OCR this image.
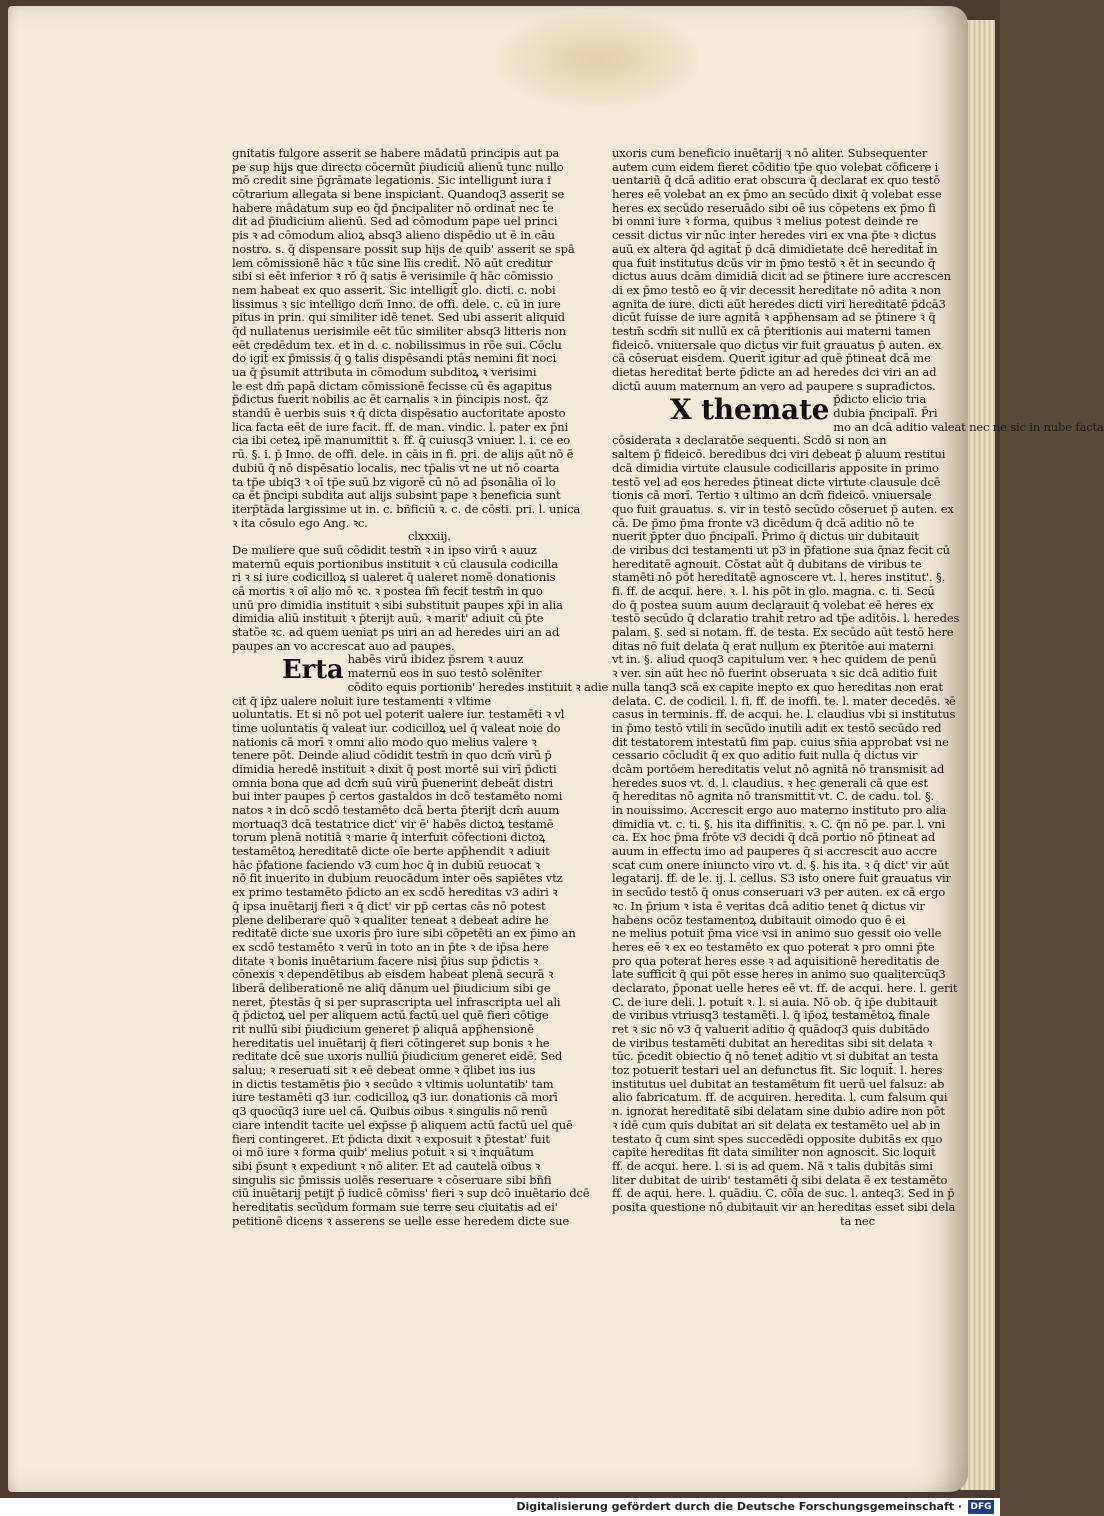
gnitatis fulgore asserit se habere mādatū principis aut pa
pe sup hijs que directo cōcernūt p̄iudiciū alienū tunc nullo
mō credit̄ sine p̄grāmate legationis. Sic intelligunt̄ iura i
cōtrarium allegata si bene inspiciant̄. Quandoq3 asserit se
habere mādatum sup eo q̄d p̄ncipaliter nō ordinat̄ nec t̄e
dit ad p̄iudicium alienū. Sed ad cōmodum pape uel princi
pis ꝛ ad cōmodum alioꝝ absq3 alieno dispēdio ut ē in cāu
nostro. s. q̄ dispensare possit sup hijs de quib' asserit se spā
lem cōmissionē hāc ꝛ tūc sine līis credit̄. Nō aūt creditur
sibi si eēt inferior ꝛ rō q̄ satis ē verisimile q̄ hāc cōmissio
nem habeat ex quo asserit. Sic intelligit̄ glo. dicti. c. nobi
lissimus ꝛ sic intelligo dcm̄ Inno. de offi. dele. c. cū in iure
pitus in prin. qui similiter idē tenet. Sed ubi asserit aliquid
q̄d nullatenus uerisimile eēt tūc similiter absq3 litteris non
eēt credēdum tex. et in d. c. nobilissimus in rōe sui. Cōclu
do igit̄ ex p̄missis q̄ ꝯ talis dispēsandi ptās nemini fit noci
ua q̄ p̄sumit attributa in cōmodum subditoꝝ ꝛ verisimi
le est dm̄ papā dictam cōmissionē fecisse cū ēs agapitus
p̄dictus fuerit nobilis ac ēt carnalis ꝛ in p̄incipis nost. q̄z
standū ē uerbis suis ꝛ q̄ dicta dispēsatio auctoritate aposto
lica facta eēt de iure facit. ff. de man. vindic. l. pater ex p̄ni
cia ibi ceteꝝ ipē manumittit ꝛ. ff. q̄ cuiusq3 vniuer. l. i. ce eo
rū. §. i. p̄ Inno. de offi. dele. in cāis in fi. pri. de alijs aūt nō ē
dubiū q̄ nō dispēsatio localis, nec tp̄alis vt̄ ne ut nō coarta
ta tp̄e ubiq3 ꝛ oī tp̄e suū bz vigorē cū nō ad p̄sonālia oī lo
ca ēt p̄ncipi subdita aut alijs subsint pape ꝛ beneficia sunt
iterp̄tāda largissime ut in. c. bñficiū ꝛ. c. de cōsti. pri. l. unica
ꝛ ita cōsulo ego Ang. ꝛc.
clxxxiij.
De muliere que suū cōdidit testm̄ ꝛ in ipso virū ꝛ auuz
maternū equis portionibus instituit ꝛ cū clausula codicilla
ri ꝛ si iure codicilloꝝ si ualeret q̄ ualeret nomē donationis
cā mortis ꝛ oī alio mō ꝛc. ꝛ postea fm̄ fecit testm̄ in quo
unū pro dimidia instituit ꝛ sibi substituit paupes xp̄i in alia
dimidia aliū instituit ꝛ p̄terijt auū, ꝛ marit' adiuit cū p̄te
statōe ꝛc. ad quem ueniat ps uiri an ad heredes uiri an ad
paupes an vo accrescat auo ad paupes.
Erta habēs virū ibidez p̄srem ꝛ auuz
maternū eos in suo testō solēniter
cōdito equis portionib' heredes instituit ꝛ adie
cit q̄ ip̄z ualere noluit iure testamenti ꝛ vltime
uoluntatis. Et si nō pot uel poterit ualere iur. testamēti ꝛ vl
time uoluntatis q̄ valeat iur. codicilloꝝ uel q̄ valeat noie do
nationis cā morī ꝛ omni alio modo quo melius valere ꝛ
tenere pōt. Deinde aliud cōdidit testm̄ in quo dcm̄ virū p̄
dimidia heredē instituit ꝛ dixit q̄ post mortē sui virī p̄dicti
omnia bona que ad dcm̄ suū virū p̄uenerint debeāt distri
bui inter paupes p̄ certos gastaldos in dcō testamēto nomi
natos ꝛ in dcō scdō testamēto dcā berta p̄terijt dcm̄ auum
mortuaq3 dcā testatrice dict' vir ē' habēs dictoꝝ testamē
torum plenā notitiā ꝛ marie q̄ interfuit cōfectioni dictoꝝ
testamētoꝝ hereditatē dicte oīe berte app̄hendit ꝛ adiuit
hāc p̄fatione faciendo v3 cum hoc q̄ in dubiū reuocat ꝛ
nō fit inuerito in dubium reuocādum inter oēs sapiētes vtz
ex primo testamēto p̄dicto an ex scdō hereditas v3 adiri ꝛ
q̄ ipsa inuētarij fieri ꝛ q̄ dict' vir pp̄ certas cās nō potest
plene deliberare quō ꝛ qualiter teneat ꝛ debeat adire he
reditatē dicte sue uxoris p̄ro iure sibi cōpetēti an ex p̄imo an
ex scdō testamēto ꝛ verū in toto an in p̄te ꝛ de ip̄sa here
ditate ꝛ bonis inuētarium facere nisi p̄ius sup p̄dictis ꝛ
cōnexis ꝛ dependētibus ab eisdem habeat plenā securā ꝛ
liberā deliberationē ne aliq̄ dānum uel p̄iudicium sibi ge
neret, p̄testās q̄ si per suprascripta uel infrascripta uel ali
q̄ p̄dictoꝝ uel per aliquem actū factū uel quē fieri cōtige
rit nullū sibi p̄iudicium generet p̄ aliquā app̄hensionē
hereditatis uel inuētarij q̄ fieri cōtingeret sup bonis ꝛ he
reditate dcē sue uxoris nulliū p̄iudicium generet eidē. Sed
saluu; ꝛ reseruati sit ꝛ eē debeat omne ꝛ q̄libet ius ius
in dictis testamētis p̄io ꝛ secūdo ꝛ vltimis uoluntatib' tam
iure testamēti q3 iur. codicilloꝝ q3 iur. donationis cā morī
q3 quocūq3 iure uel cā. Quibus oibus ꝛ singulis nō renū
ciare intendit tacite uel exp̄sse p̄ aliquem actū factū uel quē
fieri contingeret. Et p̄dicta dixit ꝛ exposuit ꝛ p̄testat' fuit
oi mō iure ꝛ forma quib' melius potuit ꝛ si ꝛ inquātum
sibi p̄sunt ꝛ expediunt ꝛ nō aliter. Et ad cautelā oibus ꝛ
singulis sic p̄missis uolēs reseruare ꝛ cōseruare sibi bñfi
ciū inuētarij petijt p̄ iudicē cōmiss' fieri ꝛ sup dcō inuētario dcē
hereditatis secūdum formam sue terre seu ciuitatis ad ei'
petitionē dicens ꝛ asserens se uelle esse heredem dicte sue
uxoris cum beneficio inuētarij ꝛ nō aliter. Subsequenter
autem cum eidem fieret cōditio tp̄e quo volebat cōficere i
uentariū q̄ dcā aditio erat obscura q̄ declarat ex quo testō
heres eē volebat an ex p̄mo an secūdo dixit q̄ volebat esse
heres ex secūdo reseruādo sibi oē ius cōpetens ex p̄mo fi
bi omni iure ꝛ forma, quibus ꝛ melius potest deinde re
cessit dictus vir nūc inter heredes viri ex vna p̄te ꝛ dictus
auū ex altera q̄d agitat̄ p̄ dcā dimidietate dcē hereditat̄ in
qua fuit institutus dcūs vir in p̄mo testō ꝛ ēt in secundo q̄
dictus auus dcām dimidiā dicit ad se p̄tinere iure accrescen
di ex p̄mo testō eo q̄ vir decessit hereditate nō adita ꝛ non
agnita de iure. dicti aūt heredes dicti viri hereditatē p̄dcā3
dicūt fuisse de iure agnitā ꝛ app̄hensam ad se p̄tinere ꝛ q̄
testm̄ scdm̄ sit nullū ex cā p̄teritionis aui materni tamen
fideicō. vniuersale quo dictus vir fuit grauatus p̄ auten. ex
cā cōseruat eisdem. Querit̄ igitur ad quē p̄tineat dcā me
dietas hereditat̄ berte p̄dicte an ad heredes dci viri an ad
dictū auum maternum an vero ad paupere s supradictos.
X themate p̄dicto elicio tria
dubia p̄ncipalī. P̄ri
mo an dcā aditio valeat nec ne sic in nube facta
cōsiderata ꝛ declaratōe sequenti. Scdō si non an
saltem p̄ fideicō. beredibus dci viri debeat p̄ aluum restitui
dcā dimidia virtute clausule codicillaris apposite in primo
testō vel ad eos heredes p̄tineat dicte virtute clausule dcē
tionis cā morī. Tertio ꝛ ultimo an dcm̄ fideicō. vniuersale
quo fuit grauatus. s. vir in testō secūdo cōseruet p̄ auten. ex
cā. De p̄mo p̄ma fronte v3 dicēdum q̄ dcā aditio nō te
nuerit p̄pter duo p̄ncipalī. P̄rimo q̄ dictus uir dubitauit
de viribus dci testamenti ut p3 in p̄fatione sua q̄naz fecit cū
hereditatē agnouit. Cōstat aūt q̄ dubitans de viribus te
stamēti nō pōt hereditatē agnoscere vt. l. heres institut'. §.
fi. ff. de acqui. here. ꝛ. l. his pōt in glo. magna. c. ti. Secū
do q̄ postea suum auum declarauit q̄ volebat eē heres ex
testō secūdo q̄ dclaratio trahit̄ retro ad tp̄e aditōis. l. heredes
palam. §. sed si notam. ff. de testa. Ex secūdo aūt testō here
ditas nō fuit delata q̄ erat nullum ex p̄teritōe aui materni
vt in. §. aliud quoq3 capitulum ver. ꝛ hec quidem de penū
ꝛ ver. sin aūt hec nō fuerint obseruata ꝛ sic dcā aditio fuit
nulla tanq3 scā ex capite inepto ex quo hereditas non erat
delata. C. de codicil. l. fi. ff. de inoffi. te. l. mater decedēs. ꝛē
casus in terminis. ff. de acqui. he. l. claudius vbi si institutus
in p̄mo testō vtili in secūdo inutili adit ex testō secūdo red
dit testatorem intestatū fim pap. cuius sn̄ia approbat vsi ne
cessario cōcludit q̄ ex quo aditio fuit nulla q̄ dictus vir
dcām portōem hereditatis velut nō agnitā nō transmisit ad
heredes suos vt. d. l. claudius. ꝛ hec generali cā que est
q̄ hereditas nō agnita nō transmittit̄ vt. C. de cadu. tol. §.
in nouissimo. Accrescit ergo auo materno instituto pro alia
dimidia vt. c. ti. §. his ita diffinitis. ꝛ. C. q̄n nō pe. par. l. vni
ca. Ex hoc p̄ma frōte v3 decidi q̄ dcā portio nō p̄tineat ad
auum in effectu imo ad pauperes q̄ si accrescit auo accre
scat cum onere iniuncto viro vt. d. §. his ita. ꝛ q̄ dict' vir aūt
legatarij. ff. de le. ij. l. cellus. S3 isto onere fuit grauatus vir
in secūdo testō q̄ onus conseruari v3 per auten. ex cā ergo
ꝛc. In p̄rium ꝛ ista ē veritas dcā aditio tenet q̄ dictus vir
habens ocōz testamentoꝝ dubitauit oimodo quo ē ei
ne melius potuit p̄ma vice vsi in animo suo gessit oio velle
heres eē ꝛ ex eo testamēto ex quo poterat ꝛ pro omni p̄te
pro qua poterat heres esse ꝛ ad aquisitionē hereditatis de
late sufficit q̄ qui pōt esse heres in animo suo qualitercūq3
declarato, p̄ponat uelle heres eē vt. ff. de acqui. here. l. gerit
C. de iure deli. l. potuit ꝛ. l. si auia. Nō ob. q̄ ip̄e dubitauit
de viribus vtriusq3 testamēti. l. q̄ ip̄oꝝ testamētoꝝ finale
ret ꝛ sic nō v3 q̄ valuerit aditio q̄ quādoq3 quis dubitādo
de viribus testamēti dubitat an hereditas sibi sit delata ꝛ
tūc. p̄cedit obiectio q̄ nō tenet aditio vt si dubitat an testa
toz potuerit testari uel an defunctus fit. Sic loquit̄. l. heres
institutus uel dubitat an testamētum fit uerū uel falsuz: ab
alio fabricatum. ff. de acquiren. heredita. l. cum falsum qui
n. ignorat hereditatē sibi delatam sine dubio adire non pōt
ꝛ idē cum quis dubitat an sit delata ex testamēto uel ab in
testato q̄ cum sint spes succedēdi opposite dubitās ex quo
capite hereditas fit data similiter non agnoscit. Sic loquit̄
ff. de acqui. here. l. si is ad quem. Nā ꝛ talis dubitās simi
liter dubitat de uirib' testamēti q̄ sibi delata ē ex testamēto
ff. de aqui. here. l. quādiu. C. cōīa de suc. l. anteq3. Sed in p̄
posita questione nō dubitauit vir an hereditas esset sibi dela
ta nec
Digitalisierung gefördert durch die Deutsche Forschungsgemeinschaft · DFG
